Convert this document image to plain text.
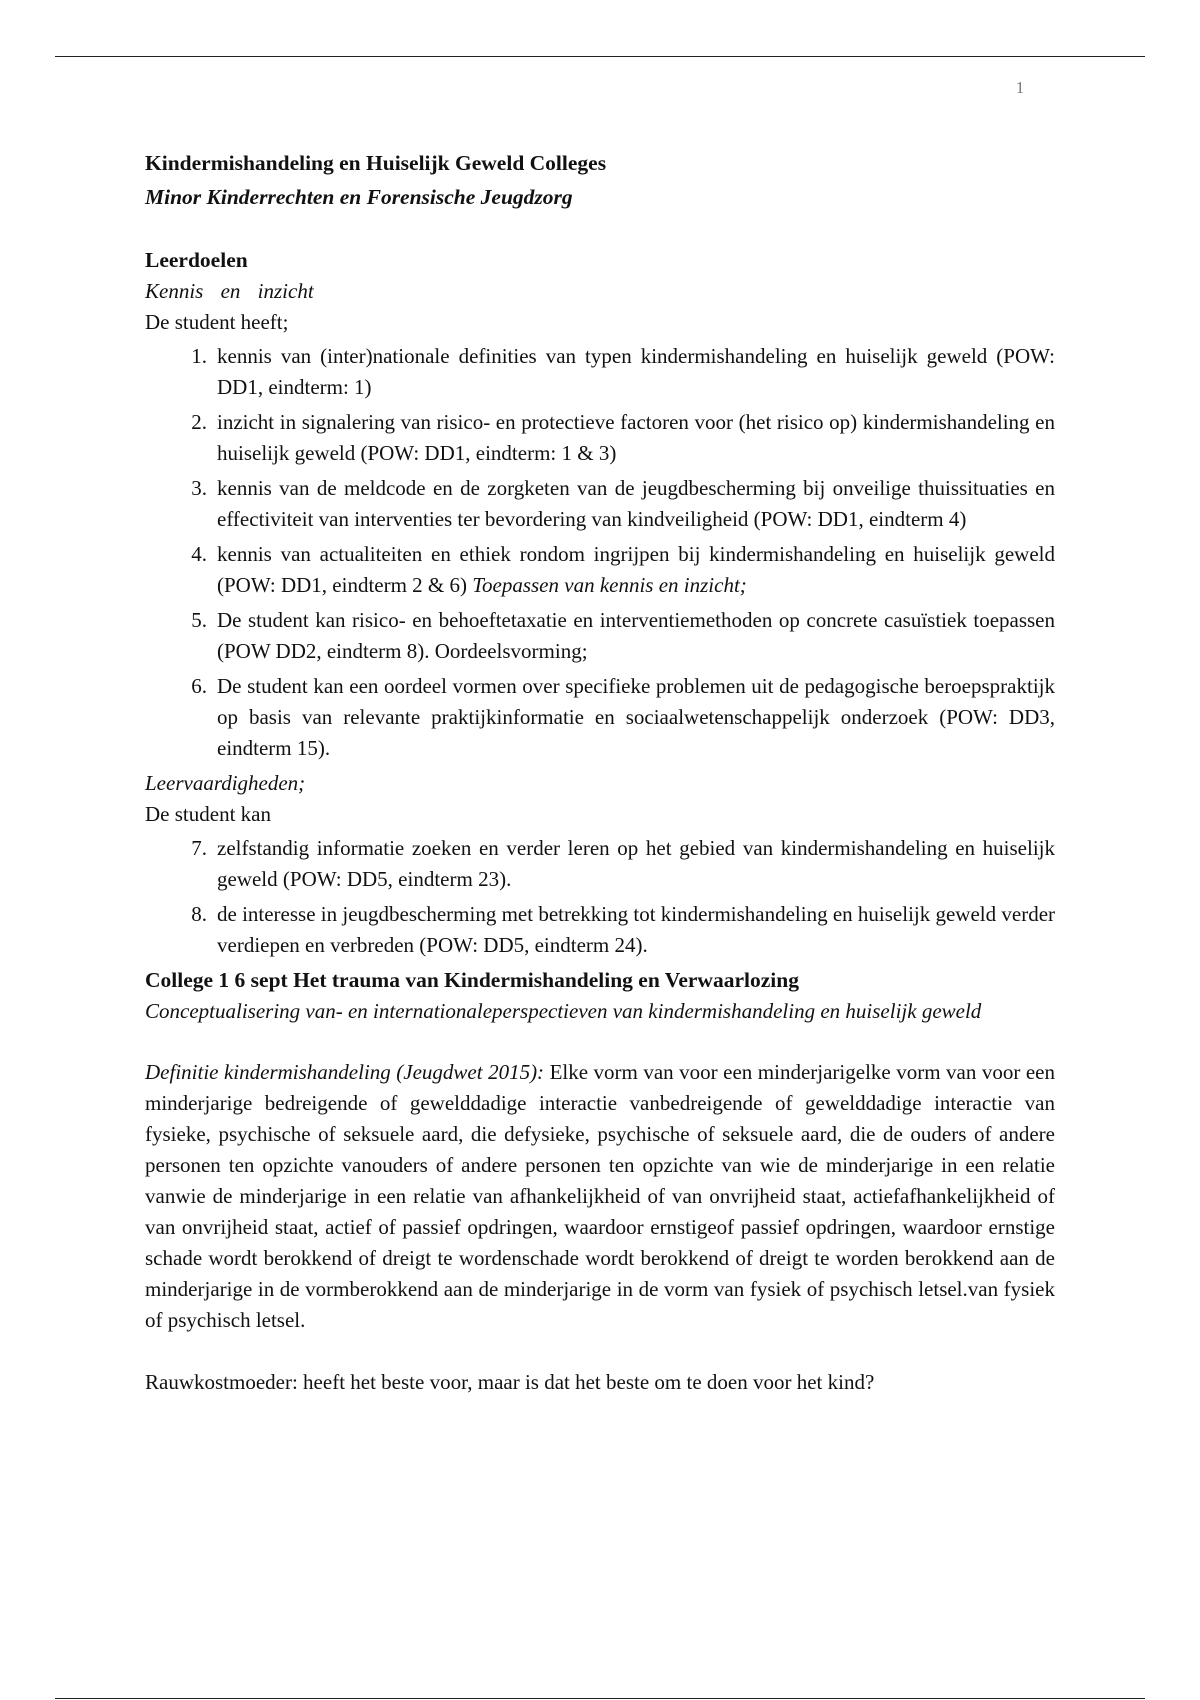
1

Kindermishandeling en Huiselijk Geweld Colleges

Minor Kinderrechten en Forensische Jeugdzorg

Leerdoelen

Kennis en inzicht

De student heeft;

1. kennis van (inter)nationale definities van typen kindermishandeling en huiselijk geweld (POW: DD1, eindterm: 1)
2. inzicht in signalering van risico- en protectieve factoren voor (het risico op) kindermishandeling en huiselijk geweld (POW: DD1, eindterm: 1 & 3)
3. kennis van de meldcode en de zorgketen van de jeugdbescherming bij onveilige thuissituaties en effectiviteit van interventies ter bevordering van kindveiligheid (POW: DD1, eindterm 4)
4. kennis van actualiteiten en ethiek rondom ingrijpen bij kindermishandeling en huiselijk geweld (POW: DD1, eindterm 2 & 6) Toepassen van kennis en inzicht;
5. De student kan risico- en behoeftetaxatie en interventiemethoden op concrete casuïstiek toepassen (POW DD2, eindterm 8). Oordeelsvorming;
6. De student kan een oordeel vormen over specifieke problemen uit de pedagogische beroepspraktijk op basis van relevante praktijkinformatie en sociaalwetenschappelijk onderzoek (POW: DD3, eindterm 15).

Leervaardigheden;

De student kan

7. zelfstandig informatie zoeken en verder leren op het gebied van kindermishandeling en huiselijk geweld (POW: DD5, eindterm 23).
8. de interesse in jeugdbescherming met betrekking tot kindermishandeling en huiselijk geweld verder verdiepen en verbreden (POW: DD5, eindterm 24).

College 1 6 sept Het trauma van Kindermishandeling en Verwaarlozing

Conceptualisering van- en internationaleperspectieven van kindermishandeling en huiselijk geweld

Definitie kindermishandeling (Jeugdwet 2015): Elke vorm van voor een minderjarigelke vorm van voor een minderjarige bedreigende of gewelddadige interactie vanbedreigende of gewelddadige interactie van fysieke, psychische of seksuele aard, die defysieke, psychische of seksuele aard, die de ouders of andere personen ten opzichte vanouders of andere personen ten opzichte van wie de minderjarige in een relatie vanwie de minderjarige in een relatie van afhankelijkheid of van onvrijheid staat, actiefafhankelijkheid of van onvrijheid staat, actief of passief opdringen, waardoor ernstigeof passief opdringen, waardoor ernstige schade wordt berokkend of dreigt te wordenschade wordt berokkend of dreigt te worden berokkend aan de minderjarige in de vormberokkend aan de minderjarige in de vorm van fysiek of psychisch letsel.van fysiek of psychisch letsel.

Rauwkostmoeder: heeft het beste voor, maar is dat het beste om te doen voor het kind?
